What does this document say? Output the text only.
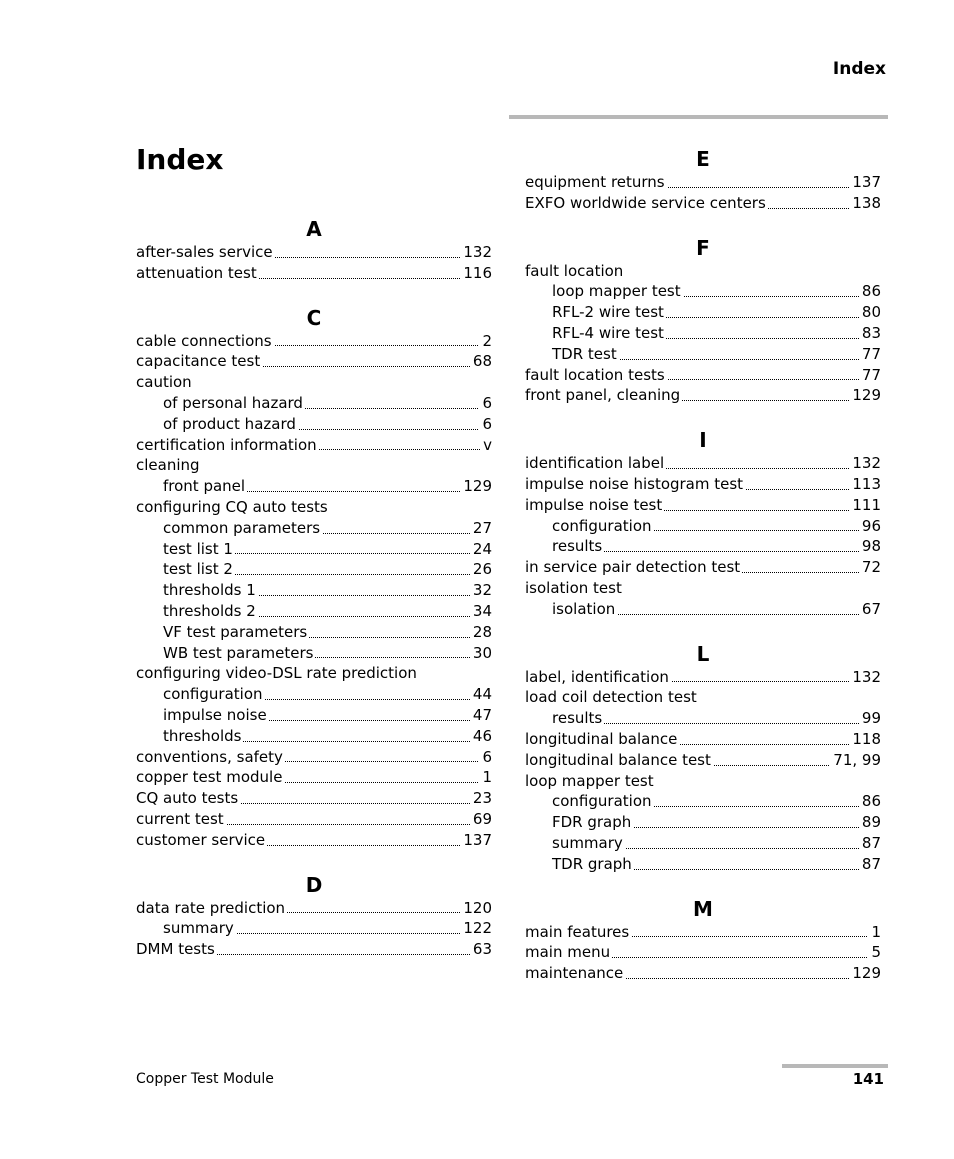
Index
Index
A
after-sales service	132
attenuation test	116
C
cable connections	2
capacitance test	68
caution
of personal hazard	6
of product hazard	6
certification information	v
cleaning
front panel	129
configuring CQ auto tests
common parameters	27
test list 1	24
test list 2	26
thresholds 1	32
thresholds 2	34
VF test parameters	28
WB test parameters	30
configuring video-DSL rate prediction
configuration	44
impulse noise	47
thresholds	46
conventions, safety	6
copper test module	1
CQ auto tests	23
current test	69
customer service	137
D
data rate prediction	120
summary	122
DMM tests	63
E
equipment returns	137
EXFO worldwide service centers	138
F
fault location
loop mapper test	86
RFL-2 wire test	80
RFL-4 wire test	83
TDR test	77
fault location tests	77
front panel, cleaning	129
I
identification label	132
impulse noise histogram test	113
impulse noise test	111
configuration	96
results	98
in service pair detection test	72
isolation test
isolation	67
L
label, identification	132
load coil detection test
results	99
longitudinal balance	118
longitudinal balance test	71, 99
loop mapper test
configuration	86
FDR graph	89
summary	87
TDR graph	87
M
main features	1
main menu	5
maintenance	129
Copper Test Module	141
